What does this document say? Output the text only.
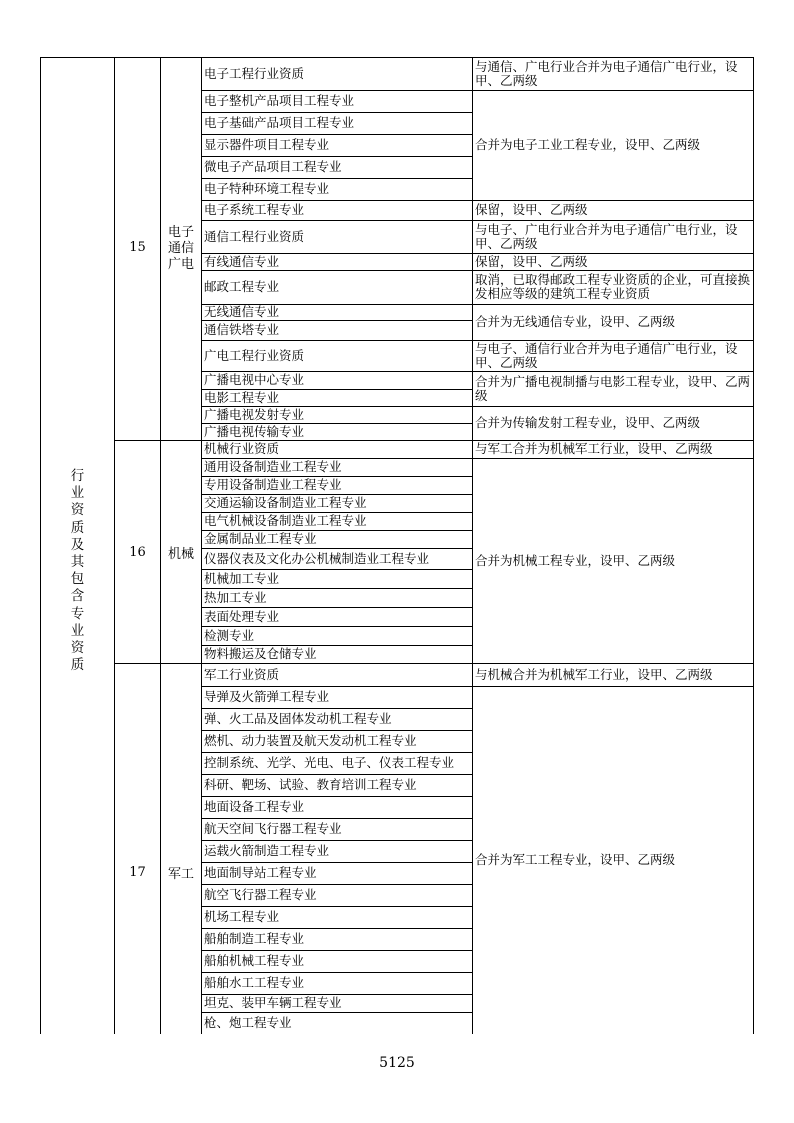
行
业
资
质
及
其
包
含
专
业
资
质
15
电子
通信
广电
16	机械
17	军工
电子工程行业资质
电子整机产品项目工程专业
电子基础产品项目工程专业
显示器件项目工程专业
微电子产品项目工程专业
电子特种环境工程专业
电子系统工程专业
通信工程行业资质
有线通信专业
邮政工程专业
无线通信专业
通信铁塔专业
广电工程行业资质
广播电视中心专业
电影工程专业
广播电视发射专业
广播电视传输专业
与通信、广电行业合并为电子通信广电行业，设甲、乙两级
合并为电子工业工程专业，设甲、乙两级
保留，设甲、乙两级
与电子、广电行业合并为电子通信广电行业，设甲、乙两级
保留，设甲、乙两级
取消，已取得邮政工程专业资质的企业，可直接换发相应等级的建筑工程专业资质
合并为无线通信专业，设甲、乙两级
与电子、通信行业合并为电子通信广电行业，设甲、乙两级
合并为广播电视制播与电影工程专业，设甲、乙两级
合并为传输发射工程专业，设甲、乙两级
机械行业资质
通用设备制造业工程专业
专用设备制造业工程专业
交通运输设备制造业工程专业
电气机械设备制造业工程专业
金属制品业工程专业
仪器仪表及文化办公机械制造业工程专业
机械加工专业
热加工专业
表面处理专业
检测专业
物料搬运及仓储专业
与军工合并为机械军工行业，设甲、乙两级
合并为机械工程专业，设甲、乙两级
军工行业资质
导弹及火箭弹工程专业
弹、火工品及固体发动机工程专业
燃机、动力装置及航天发动机工程专业
控制系统、光学、光电、电子、仪表工程专业
科研、靶场、试验、教育培训工程专业
地面设备工程专业
航天空间飞行器工程专业
运载火箭制造工程专业
地面制导站工程专业
航空飞行器工程专业
机场工程专业
船舶制造工程专业
船舶机械工程专业
船舶水工工程专业
坦克、装甲车辆工程专业
枪、炮工程专业
与机械合并为机械军工行业，设甲、乙两级
合并为军工工程专业，设甲、乙两级
5125
